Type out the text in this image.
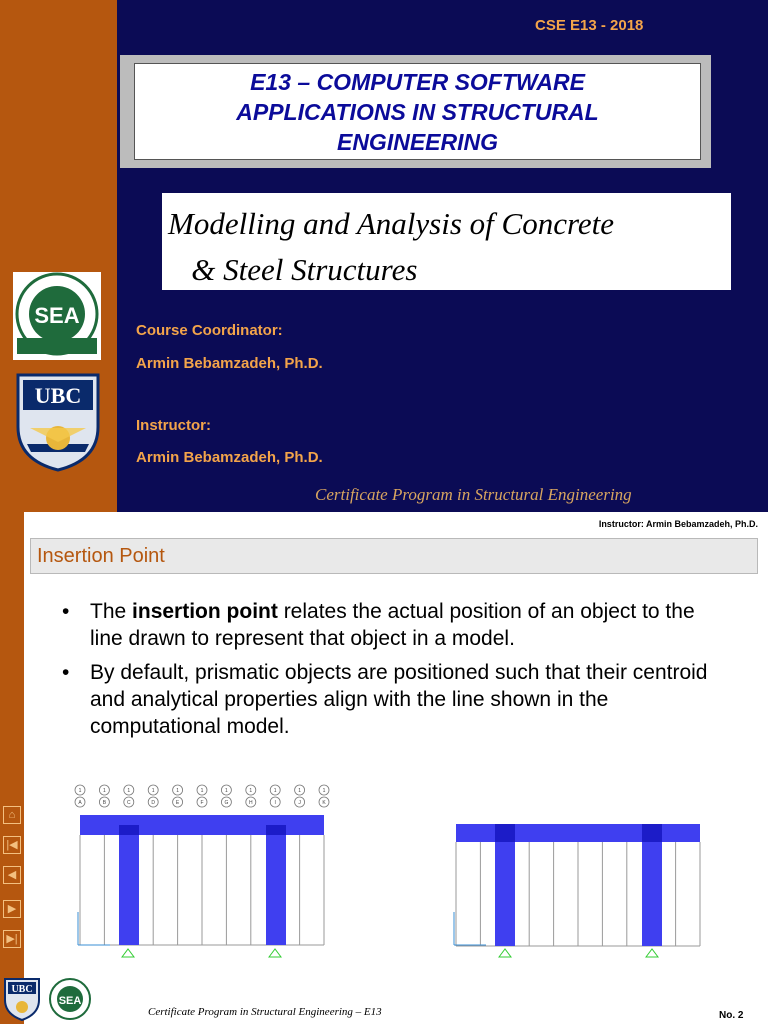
CSE E13 - 2018
E13 – COMPUTER SOFTWARE APPLICATIONS IN STRUCTURAL ENGINEERING
Modelling and Analysis of Concrete
& Steel Structures
SEA
UBC
Course Coordinator:
Armin Bebamzadeh, Ph.D.
Instructor:
Armin Bebamzadeh, Ph.D.
Certificate Program in Structural Engineering
Instructor: Armin Bebamzadeh, Ph.D.
Insertion Point
• The insertion point relates the actual position of an object to the line drawn to represent that object in a model.
• By default, prismatic objects are positioned such that their centroid and analytical properties align with the line shown in the computational model.
⌂
|◀
◀
▶
▶|
1
A
1
B
1
C
1
D
1
E
1
F
1
G
1
H
1
I
1
J
1
K
UBC
SEA
Certificate Program in Structural Engineering – E13	No. 2
